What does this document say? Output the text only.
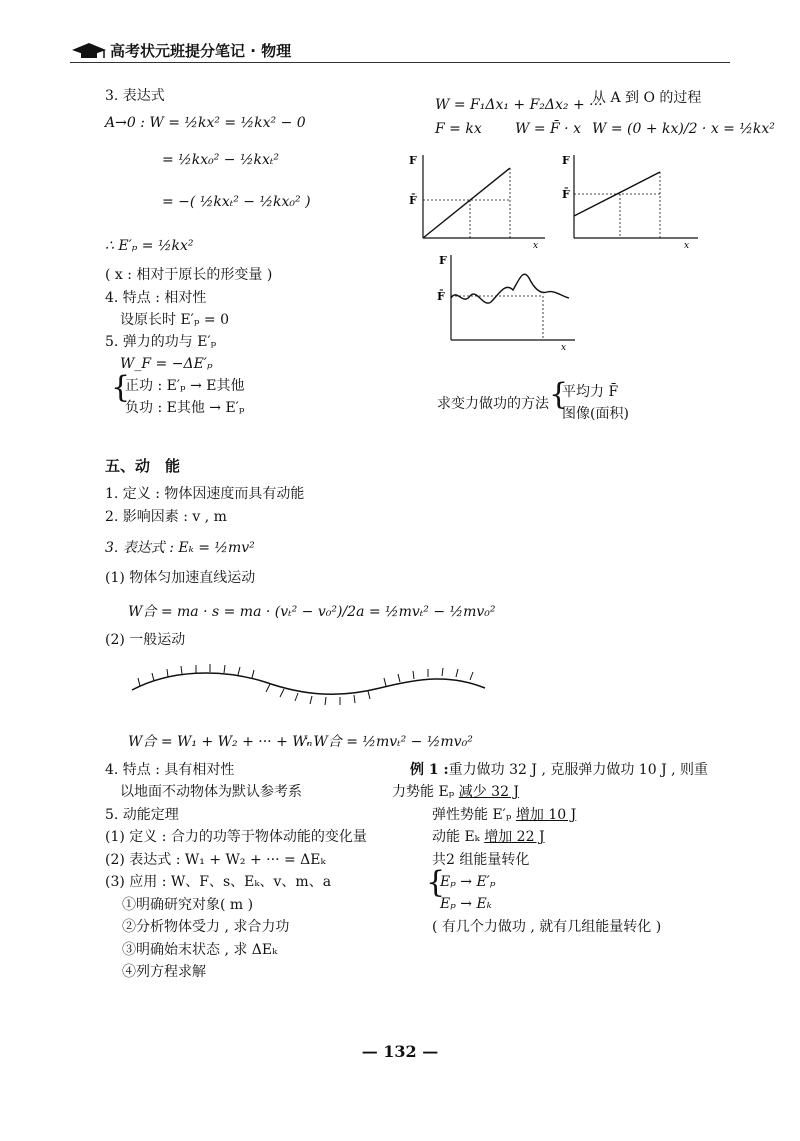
高考状元班提分笔记 · 物理
3. 表达式
A→0 : W = ½kx² = ½kx² − 0
= ½kx₀² − ½kxₜ²
= −( ½kxₜ² − ½kx₀² )
∴ E′ₚ = ½kx²
( x : 相对于原长的形变量 )
4. 特点 : 相对性
设原长时 E′ₚ = 0
5. 弹力的功与 E′ₚ
W_F = −ΔE′ₚ
{
正功 : E′ₚ → E其他
负功 : E其他 → E′ₚ
W = F₁Δx₁ + F₂Δx₂ + ···
从 A 到 O 的过程
F = kx W = F̄ · x W = (0 + kx)/2 · x = ½kx²
F
F̄
x
F
F̄
x
F
F̄
x
求变力做功的方法 {
平均力 F̄
图像(面积)
五、动　能
1. 定义 : 物体因速度而具有动能
2. 影响因素 : v , m
3. 表达式 : Eₖ = ½mv²
(1) 物体匀加速直线运动
W合 = ma · s = ma · (vₜ² − v₀²)/2a = ½mvₜ² − ½mv₀²
(2) 一般运动
W合 = W₁ + W₂ + ··· + Wₙ
∴ W合 = ½mvₜ² − ½mv₀²
4. 特点 : 具有相对性
以地面不动物体为默认参考系
5. 动能定理
(1) 定义 : 合力的功等于物体动能的变化量
(2) 表达式 : W₁ + W₂ + ··· = ΔEₖ
(3) 应用 : W、F、s、Eₖ、v、m、a
①明确研究对象( m )
②分析物体受力 , 求合力功
③明确始末状态 , 求 ΔEₖ
④列方程求解
例 1 :重力做功 32 J , 克服弹力做功 10 J , 则重
力势能 Eₚ 减少 32 J
弹性势能 E′ₚ 增加 10 J
动能 Eₖ 增加 22 J
共2 组能量转化
{
Eₚ → E′ₚ
Eₚ → Eₖ
( 有几个力做功 , 就有几组能量转化 )
— 132 —
